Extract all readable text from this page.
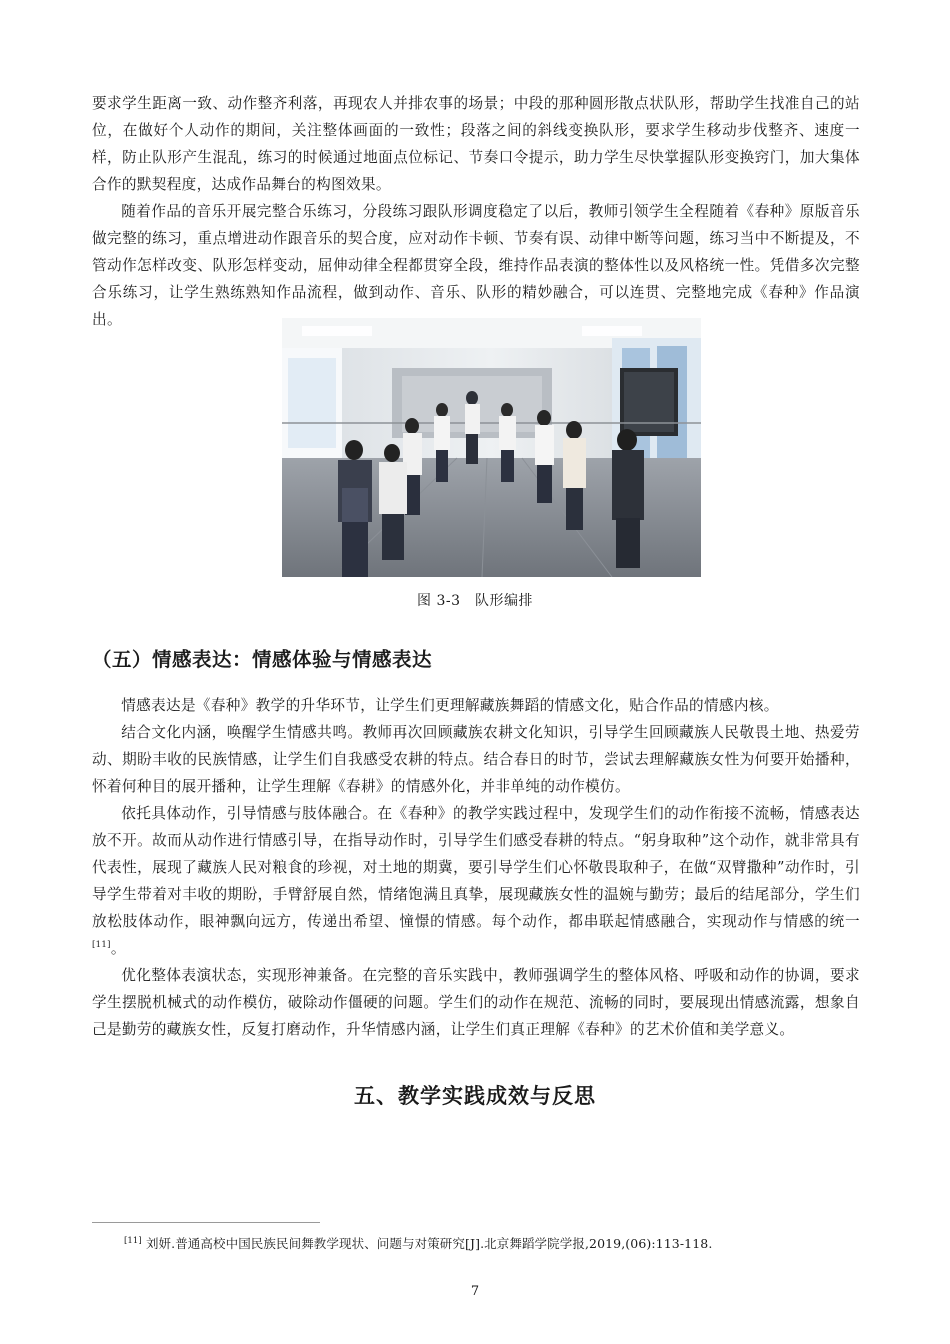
要求学生距离一致、动作整齐利落，再现农人并排农事的场景；中段的那种圆形散点状队形，帮助学生找准自己的站位，在做好个人动作的期间，关注整体画面的一致性；段落之间的斜线变换队形，要求学生移动步伐整齐、速度一样，防止队形产生混乱，练习的时候通过地面点位标记、节奏口令提示，助力学生尽快掌握队形变换窍门，加大集体合作的默契程度，达成作品舞台的构图效果。

随着作品的音乐开展完整合乐练习，分段练习跟队形调度稳定了以后，教师引领学生全程随着《春种》原版音乐做完整的练习，重点增进动作跟音乐的契合度，应对动作卡顿、节奏有误、动律中断等问题，练习当中不断提及，不管动作怎样改变、队形怎样变动，屈伸动律全程都贯穿全段，维持作品表演的整体性以及风格统一性。凭借多次完整合乐练习，让学生熟练熟知作品流程，做到动作、音乐、队形的精妙融合，可以连贯、完整地完成《春种》作品演出。

图 3-3　队形编排
（五）情感表达：情感体验与情感表达

情感表达是《春种》教学的升华环节，让学生们更理解藏族舞蹈的情感文化，贴合作品的情感内核。

结合文化内涵，唤醒学生情感共鸣。教师再次回顾藏族农耕文化知识，引导学生回顾藏族人民敬畏土地、热爱劳动、期盼丰收的民族情感，让学生们自我感受农耕的特点。结合春日的时节，尝试去理解藏族女性为何要开始播种，怀着何种目的展开播种，让学生理解《春耕》的情感外化，并非单纯的动作模仿。

依托具体动作，引导情感与肢体融合。在《春种》的教学实践过程中，发现学生们的动作衔接不流畅，情感表达放不开。故而从动作进行情感引导，在指导动作时，引导学生们感受春耕的特点。“躬身取种”这个动作，就非常具有代表性，展现了藏族人民对粮食的珍视，对土地的期冀，要引导学生们心怀敬畏取种子，在做“双臂撒种”动作时，引导学生带着对丰收的期盼，手臂舒展自然，情绪饱满且真挚，展现藏族女性的温婉与勤劳；最后的结尾部分，学生们放松肢体动作，眼神飘向远方，传递出希望、憧憬的情感。每个动作，都串联起情感融合，实现动作与情感的统一[11]。

优化整体表演状态，实现形神兼备。在完整的音乐实践中，教师强调学生的整体风格、呼吸和动作的协调，要求学生摆脱机械式的动作模仿，破除动作僵硬的问题。学生们的动作在规范、流畅的同时，要展现出情感流露，想象自己是勤劳的藏族女性，反复打磨动作，升华情感内涵，让学生们真正理解《春种》的艺术价值和美学意义。

五、教学实践成效与反思
[11] 刘妍.普通高校中国民族民间舞教学现状、问题与对策研究[J].北京舞蹈学院学报,2019,(06):113-118.
7
